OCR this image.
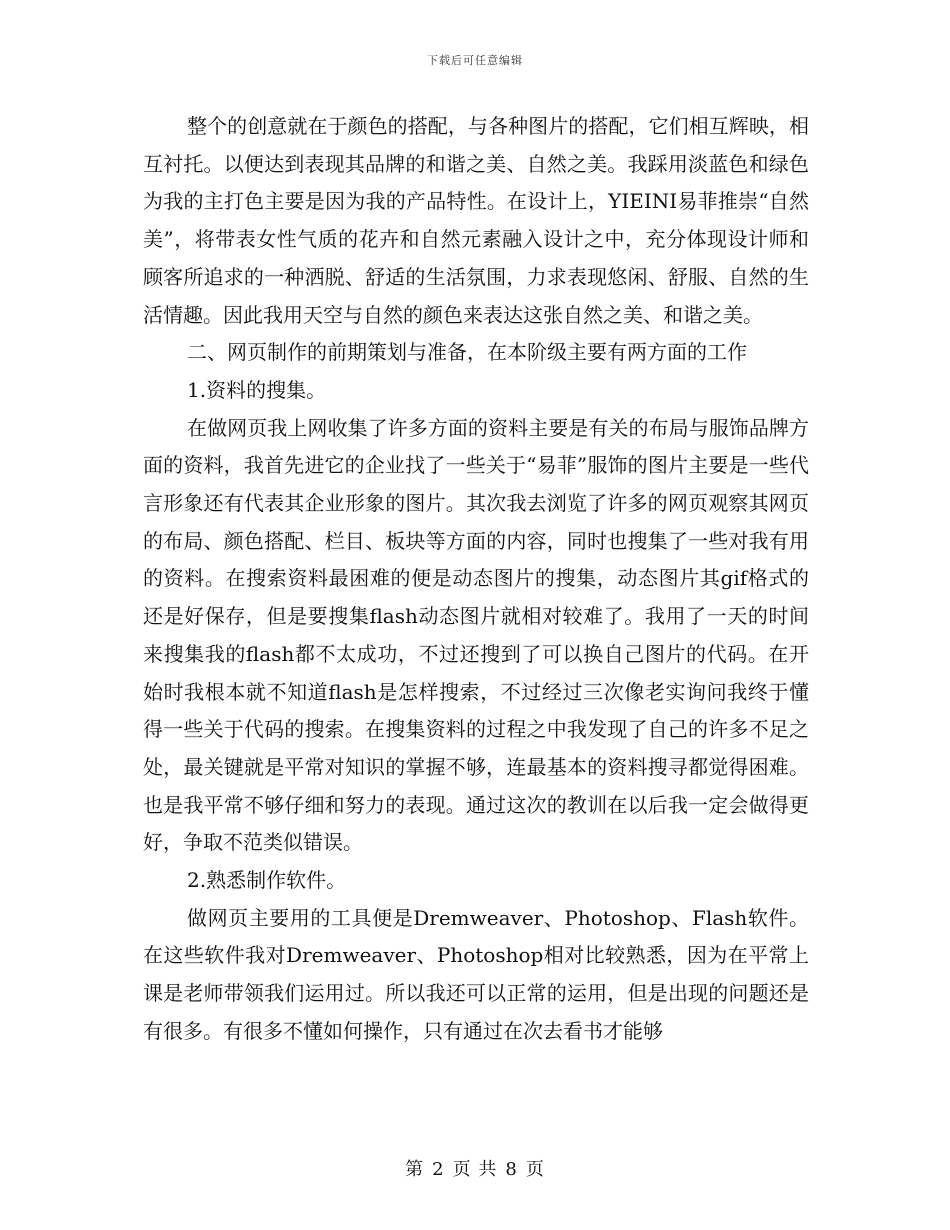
下载后可任意编辑

整个的创意就在于颜色的搭配，与各种图片的搭配，它们相互辉映，相互衬托。以便达到表现其品牌的和谐之美、自然之美。我踩用淡蓝色和绿色为我的主打色主要是因为我的产品特性。在设计上，YIEINI易菲推崇“自然美”，将带表女性气质的花卉和自然元素融入设计之中，充分体现设计师和顾客所追求的一种洒脱、舒适的生活氛围，力求表现悠闲、舒服、自然的生活情趣。因此我用天空与自然的颜色来表达这张自然之美、和谐之美。

二、网页制作的前期策划与准备，在本阶级主要有两方面的工作

1.资料的搜集。

在做网页我上网收集了许多方面的资料主要是有关的布局与服饰品牌方面的资料，我首先进它的企业找了一些关于“易菲”服饰的图片主要是一些代言形象还有代表其企业形象的图片。其次我去浏览了许多的网页观察其网页的布局、颜色搭配、栏目、板块等方面的内容，同时也搜集了一些对我有用的资料。在搜索资料最困难的便是动态图片的搜集，动态图片其gif格式的还是好保存，但是要搜集flash动态图片就相对较难了。我用了一天的时间来搜集我的flash都不太成功，不过还搜到了可以换自己图片的代码。在开始时我根本就不知道flash是怎样搜索，不过经过三次像老实询问我终于懂得一些关于代码的搜索。在搜集资料的过程之中我发现了自己的许多不足之处，最关键就是平常对知识的掌握不够，连最基本的资料搜寻都觉得困难。也是我平常不够仔细和努力的表现。通过这次的教训在以后我一定会做得更好，争取不范类似错误。

2.熟悉制作软件。

做网页主要用的工具便是Dremweaver、Photoshop、Flash软件。在这些软件我对Dremweaver、Photoshop相对比较熟悉，因为在平常上课是老师带领我们运用过。所以我还可以正常的运用，但是出现的问题还是有很多。有很多不懂如何操作，只有通过在次去看书才能够

第 2 页 共 8 页
